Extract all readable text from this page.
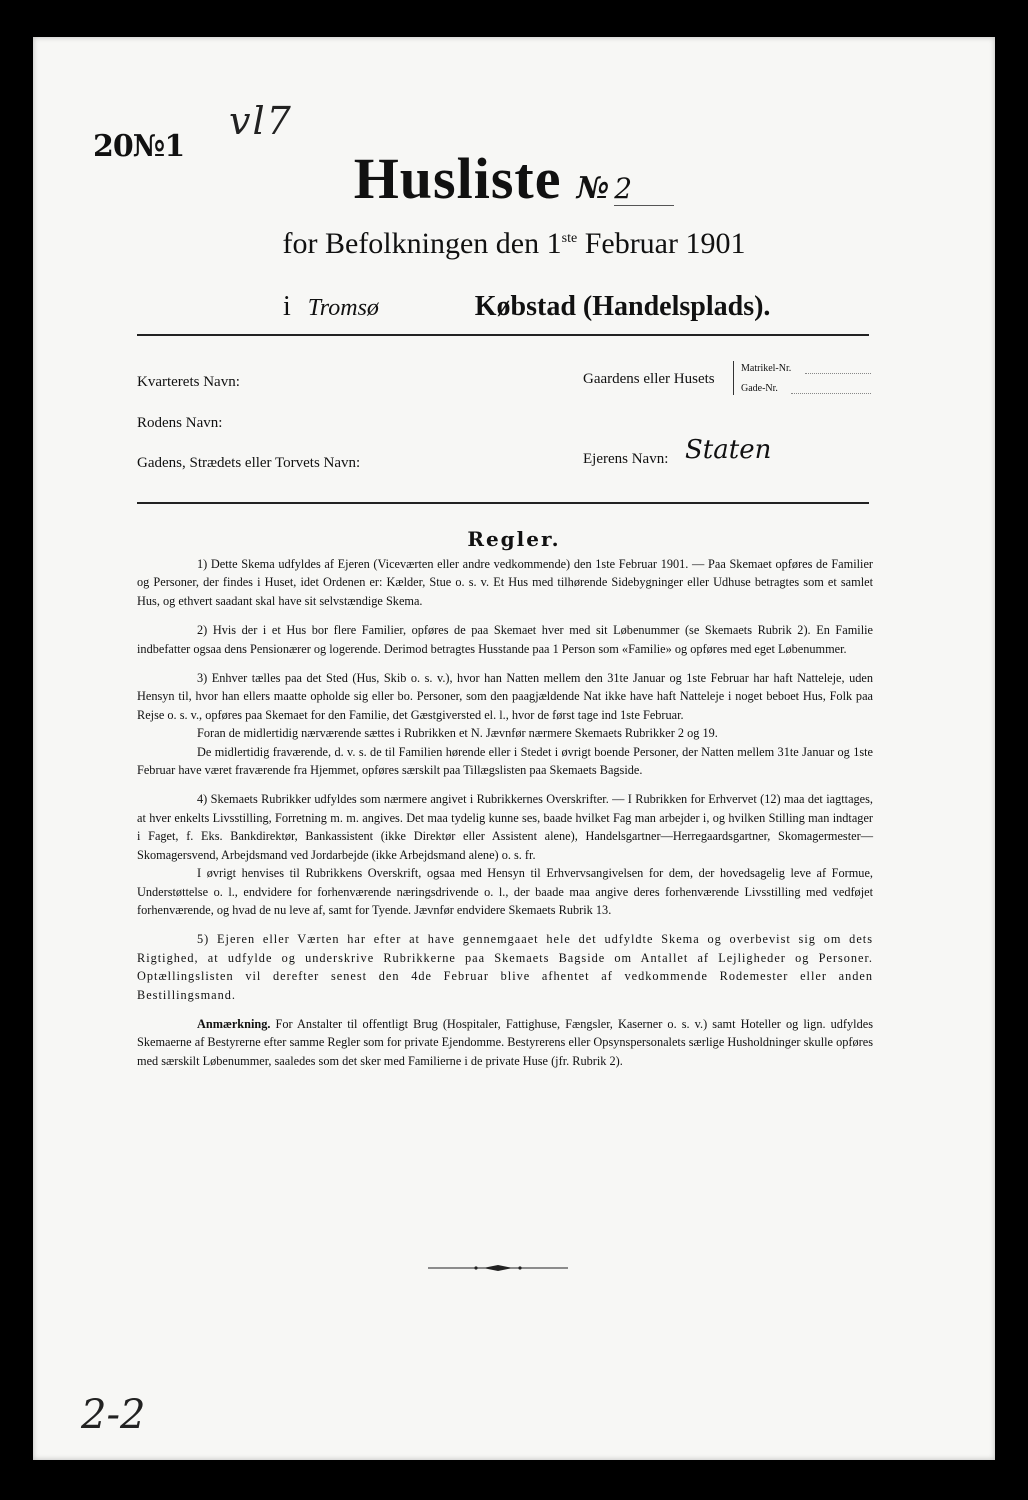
20№1
vl7
Husliste № 2
for Befolkningen den 1ste Februar 1901
i Tromsø	Købstad (Handelsplads).
Kvarterets Navn:
Rodens Navn:
Gadens, Strædets eller Torvets Navn:
Gaardens eller Husets
Matrikel-Nr.
Gade-Nr.
Ejerens Navn: Staten
Regler.

1) Dette Skema udfyldes af Ejeren (Viceværten eller andre vedkommende) den 1ste Februar 1901. — Paa Skemaet opføres de Familier og Personer, der findes i Huset, idet Ordenen er: Kælder, Stue o. s. v. Et Hus med tilhørende Sidebygninger eller Udhuse betragtes som et samlet Hus, og ethvert saadant skal have sit selvstændige Skema.

2) Hvis der i et Hus bor flere Familier, opføres de paa Skemaet hver med sit Løbenummer (se Skemaets Rubrik 2). En Familie indbefatter ogsaa dens Pensionærer og logerende. Derimod betragtes Husstande paa 1 Person som «Familie» og opføres med eget Løbenummer.

3) Enhver tælles paa det Sted (Hus, Skib o. s. v.), hvor han Natten mellem den 31te Januar og 1ste Februar har haft Natteleje, uden Hensyn til, hvor han ellers maatte opholde sig eller bo. Personer, som den paagjældende Nat ikke have haft Natteleje i noget beboet Hus, Folk paa Rejse o. s. v., opføres paa Skemaet for den Familie, det Gæstgiversted el. l., hvor de først tage ind 1ste Februar.

Foran de midlertidig nærværende sættes i Rubrikken et N. Jævnfør nærmere Skemaets Rubrikker 2 og 19.

De midlertidig fraværende, d. v. s. de til Familien hørende eller i Stedet i øvrigt boende Personer, der Natten mellem 31te Januar og 1ste Februar have været fraværende fra Hjemmet, opføres særskilt paa Tillægslisten paa Skemaets Bagside.

4) Skemaets Rubrikker udfyldes som nærmere angivet i Rubrikkernes Overskrifter. — I Rubrikken for Erhvervet (12) maa det iagttages, at hver enkelts Livsstilling, Forretning m. m. angives. Det maa tydelig kunne ses, baade hvilket Fag man arbejder i, og hvilken Stilling man indtager i Faget, f. Eks. Bankdirektør, Bankassistent (ikke Direktør eller Assistent alene), Handelsgartner—Herregaardsgartner, Skomagermester—Skomagersvend, Arbejdsmand ved Jordarbejde (ikke Arbejdsmand alene) o. s. fr.

I øvrigt henvises til Rubrikkens Overskrift, ogsaa med Hensyn til Erhvervsangivelsen for dem, der hovedsagelig leve af Formue, Understøttelse o. l., endvidere for forhenværende næringsdrivende o. l., der baade maa angive deres forhenværende Livsstilling med vedføjet forhenværende, og hvad de nu leve af, samt for Tyende. Jævnfør endvidere Skemaets Rubrik 13.

5) Ejeren eller Værten har efter at have gennemgaaet hele det udfyldte Skema og overbevist sig om dets Rigtighed, at udfylde og underskrive Rubrikkerne paa Skemaets Bagside om Antallet af Lejligheder og Personer. Optællingslisten vil derefter senest den 4de Februar blive afhentet af vedkommende Rodemester eller anden Bestillingsmand.

Anmærkning. For Anstalter til offentligt Brug (Hospitaler, Fattighuse, Fængsler, Kaserner o. s. v.) samt Hoteller og lign. udfyldes Skemaerne af Bestyrerne efter samme Regler som for private Ejendomme. Bestyrerens eller Opsynspersonalets særlige Husholdninger skulle opføres med særskilt Løbenummer, saaledes som det sker med Familierne i de private Huse (jfr. Rubrik 2).

2-2
